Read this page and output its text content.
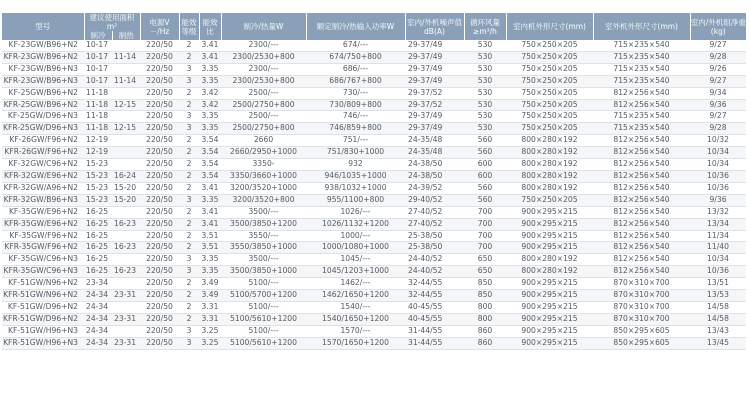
型号	建议使用面积m²		电源V－/Hz	能效等级	能效比	制冷/热量W	额定制冷/热输入功率W	室内/外机噪声值dB(A)	循环风量≥m³/h	室内机外形尺寸(mm)	室外机外形尺寸(mm)	室内/外机组净重(kg)
	制冷	制热										
KF-23GW/B96+N2	10-17		220/50	2	3.41	2300/---	674/---	29-37/49	530	750×250×205	715×235×540	9/27
KFR-23GW/B96+N2	10-17	11-14	220/50	2	3.41	2300/2530+800	674/750+800	29-37/49	530	750×250×205	715×235×540	9/28
KF-23GW/B96+N3	10-17		220/50	3	3.35	2300/---	686/---	29-37/49	530	750×250×205	715×235×540	9/26
KFR-23GW/B96+N3	10-17	11-14	220/50	3	3.35	2300/2530+800	686/767+800	29-37/49	530	750×250×205	715×235×540	9/27
KF-25GW/B96+N2	11-18		220/50	2	3.42	2500/---	730/---	29-37/52	530	750×250×205	812×256×540	9/34
KFR-25GW/B96+N2	11-18	12-15	220/50	2	3.42	2500/2750+800	730/809+800	29-37/52	530	750×250×205	812×256×540	9/36
KF-25GW/D96+N3	11-18		220/50	3	3.35	2500/---	746/---	29-37/49	530	750×250×205	715×235×540	9/27
KFR-25GW/D96+N3	11-18	12-15	220/50	3	3.35	2500/2750+800	746/859+800	29-37/49	530	750×250×205	715×235×540	9/28
KF-26GW/F96+N2	12-19		220/50	2	3.54	2660	751/---	24-35/48	560	800×280×192	812×256×540	10/32
KFR-26GW/F96+N2	12-19		220/50	2	3.54	2660/2950+1000	751/830+1000	24-35/48	560	800×280×192	812×256×540	10/34
KF-32GW/C96+N2	15-23		220/50	2	3.54	3350-	932	24-38/50	600	800×280×192	812×256×540	10/34
KFR-32GW/E96+N2	15-23	16-24	220/50	2	3.54	3350/3660+1000	946/1035+1000	24-38/50	600	800×280×192	812×256×540	10/36
KFR-32GW/A96+N2	15-23	15-20	220/50	2	3.41	3200/3520+1000	938/1032+1000	24-39/52	560	800×280×192	812×256×540	10/36
KFR-32GW/B96+N3	15-23	15-20	220/50	3	3.35	3200/3520+800	955/1100+800	29-40/52	560	750×250×205	812×256×540	9/36
KF-35GW/E96+N2	16-25		220/50	2	3.41	3500/---	1026/---	27-40/52	700	900×295×215	812×256×540	13/32
KFR-35GW/E96+N2	16-25	16-23	220/50	2	3.41	3500/3850+1200	1026/1132+1200	27-40/52	700	900×295×215	812×256×540	13/34
KF-35GW/F96+N2	16-25		220/50	2	3.51	3550/---	1000/---	25-38/50	700	900×295×215	812×256×540	11/34
KFR-35GW/F96+N2	16-25	16-23	220/50	2	3.51	3550/3850+1000	1000/1080+1000	25-38/50	700	900×295×215	812×256×540	11/40
KF-35GW/C96+N3	16-25		220/50	3	3.35	3500/---	1045/---	24-40/52	650	800×280×192	812×256×540	10/34
KFR-35GW/C96+N3	16-25	16-23	220/50	3	3.35	3500/3850+1000	1045/1203+1000	24-40/52	650	800×280×192	812×256×540	10/36
KF-51GW/N96+N2	23-34		220/50	2	3.49	5100/---	1462/---	32-44/55	850	900×295×215	870×310×700	13/51
KFR-51GW/N96+N2	24-34	23-31	220/50	2	3.49	5100/5700+1200	1462/1650+1200	32-44/55	850	900×295×215	870×310×700	13/53
KF-51GW/D96+N2	24-34		220/50	2	3.31	5100/---	1540/---	40-45/55	800	900×295×215	870×310×700	14/58
KFR-51GW/D96+N2	24-34	23-31	220/50	2	3.31	5100/5610+1200	1540/1650+1200	40-45/55	800	900×295×215	870×310×700	14/58
KF-51GW/H96+N3	24-34		220/50	3	3.25	5100/---	1570/---	31-44/55	860	900×295×215	850×295×605	13/43
KFR-51GW/H96+N3	24-34	23-31	220/50	3	3.25	5100/5610+1200	1570/1650+1200	31-44/55	860	900×295×215	850×295×605	13/45
